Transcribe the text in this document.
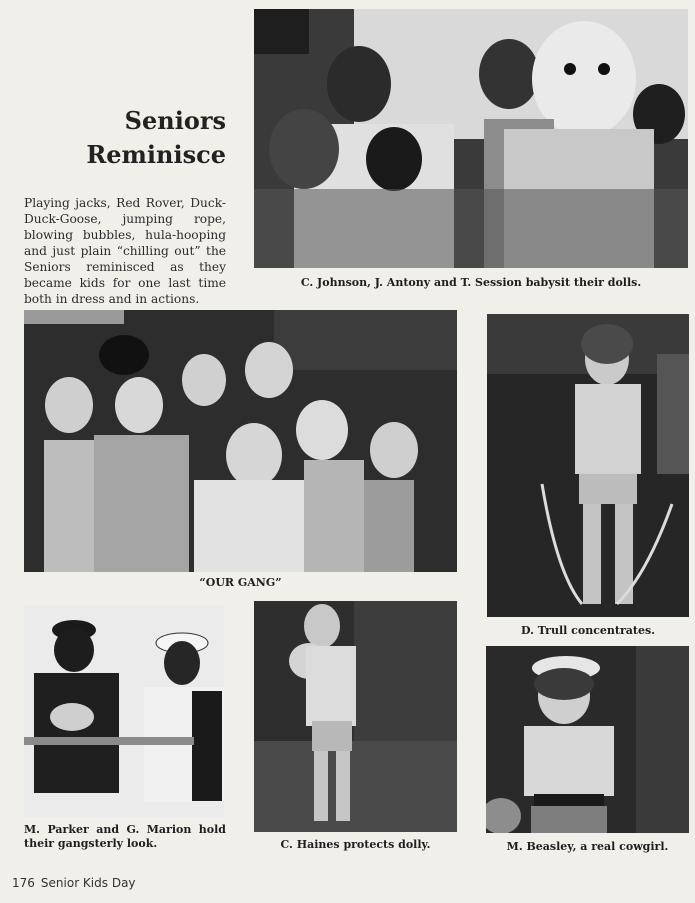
Seniors
Reminisce
Playing jacks, Red Rover, Duck-Duck-Goose, jumping rope, blowing bubbles, hula-hooping and just plain “chilling out” the Seniors reminisced as they became kids for one last time both in dress and in actions.
C. Johnson, J. Antony and T. Session babysit their dolls.
“OUR GANG”
D. Trull concentrates.
M. Parker and G. Marion hold their gangsterly look.	C. Haines protects dolly.	M. Beasley, a real cowgirl.
176 Senior Kids Day
